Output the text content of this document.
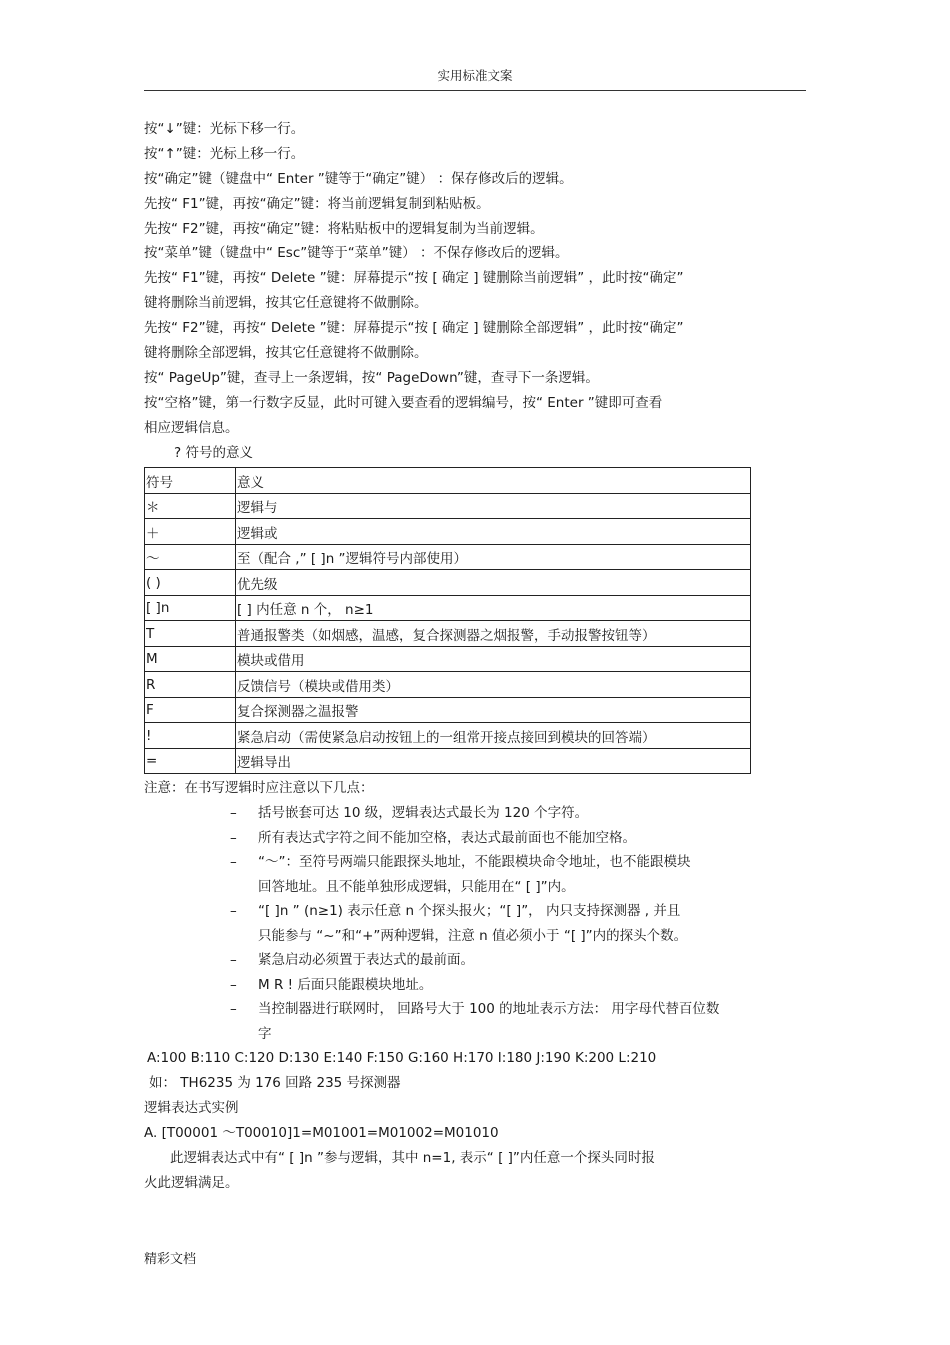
实用标准文案
按“↓”键：光标下移一行。
按“↑”键：光标上移一行。
按“确定”键（键盘中“ Enter ”键等于“确定”键） ：保存修改后的逻辑。
先按“ F1”键，再按“确定”键：将当前逻辑复制到粘贴板。
先按“ F2”键，再按“确定”键：将粘贴板中的逻辑复制为当前逻辑。
按“菜单”键（键盘中“ Esc”键等于“菜单”键） ：不保存修改后的逻辑。
先按“ F1”键，再按“ Delete ”键：屏幕提示“按 [ 确定 ] 键删除当前逻辑” ，此时按“确定”
键将删除当前逻辑，按其它任意键将不做删除。
先按“ F2”键，再按“ Delete ”键：屏幕提示“按 [ 确定 ] 键删除全部逻辑” ，此时按“确定”
键将删除全部逻辑，按其它任意键将不做删除。
按“ PageUp”键，查寻上一条逻辑，按“ PageDown”键，查寻下一条逻辑。
按“空格”键，第一行数字反显，此时可键入要查看的逻辑编号，按“ Enter ”键即可查看
相应逻辑信息。
? 符号的意义
符号	意义
＊	逻辑与
＋	逻辑或
～	至（配合 ,” [ ]n ”逻辑符号内部使用）
( )	优先级
[ ]n	[ ] 内任意 n 个， n≥1
T	普通报警类（如烟感，温感，复合探测器之烟报警，手动报警按钮等）
M	模块或借用
R	反馈信号（模块或借用类）
F	复合探测器之温报警
!	紧急启动（需使紧急启动按钮上的一组常开接点接回到模块的回答端）
=	逻辑导出
注意：在书写逻辑时应注意以下几点：
– 括号嵌套可达 10 级，逻辑表达式最长为 120 个字符。
– 所有表达式字符之间不能加空格，表达式最前面也不能加空格。
– “～”：至符号两端只能跟探头地址，不能跟模块命令地址，也不能跟模块
回答地址。且不能单独形成逻辑，只能用在“ [ ]”内。
– “[ ]n ” (n≥1) 表示任意 n 个探头报火；“[ ]”， 内只支持探测器 , 并且
只能参与 “~”和“+”两种逻辑，注意 n 值必须小于 “[ ]”内的探头个数。
– 紧急启动必须置于表达式的最前面。
– M R ! 后面只能跟模块地址。
– 当控制器进行联网时， 回路号大于 100 的地址表示方法： 用字母代替百位数
字
A:100 B:110 C:120 D:130 E:140 F:150 G:160 H:170 I:180 J:190 K:200 L:210
如： TH6235 为 176 回路 235 号探测器
逻辑表达式实例
A. [T00001 ～T00010]1=M01001=M01002=M01010
此逻辑表达式中有“ [ ]n ”参与逻辑，其中 n=1, 表示“ [ ]”内任意一个探头同时报
火此逻辑满足。
精彩文档
